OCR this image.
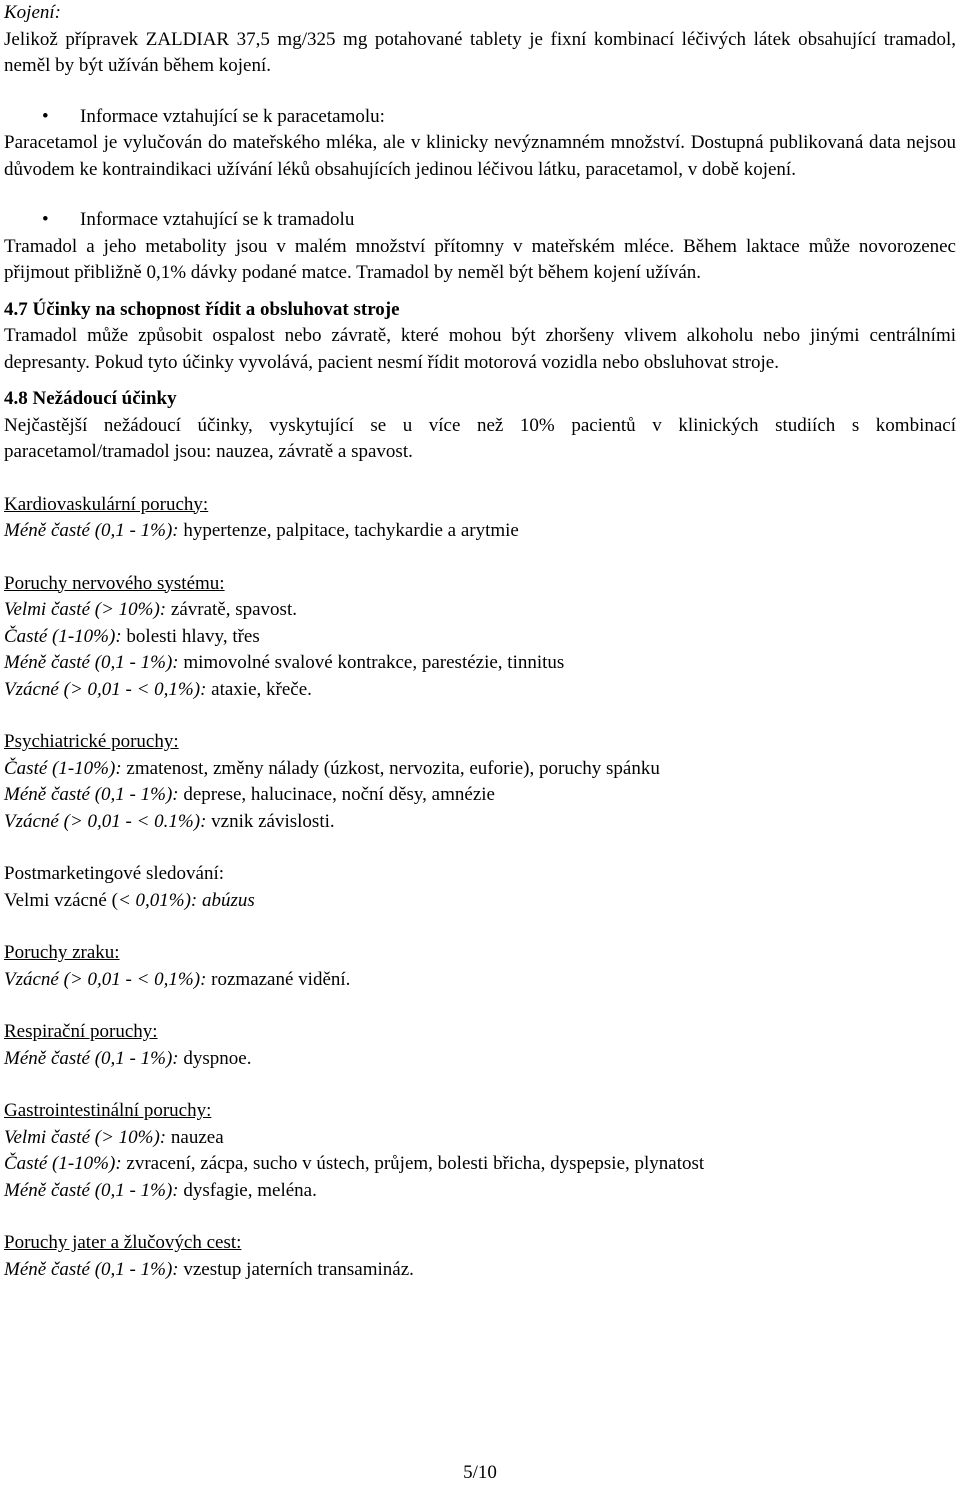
Kojení:

Jelikož přípravek ZALDIAR 37,5 mg/325 mg potahované tablety je fixní kombinací léčivých látek obsahující tramadol, neměl by být užíván během kojení.

• Informace vztahující se k paracetamolu:

Paracetamol je vylučován do mateřského mléka, ale v klinicky nevýznamném množství. Dostupná publikovaná data nejsou důvodem ke kontraindikaci užívání léků obsahujících jedinou léčivou látku, paracetamol, v době kojení.

• Informace vztahující se k tramadolu

Tramadol a jeho metabolity jsou v malém množství přítomny v mateřském mléce. Během laktace může novorozenec přijmout přibližně 0,1% dávky podané matce. Tramadol by neměl být během kojení užíván.

4.7 Účinky na schopnost řídit a obsluhovat stroje

Tramadol může způsobit ospalost nebo závratě, které mohou být zhoršeny vlivem alkoholu nebo jinými centrálními depresanty. Pokud tyto účinky vyvolává, pacient nesmí řídit motorová vozidla nebo obsluhovat stroje.

4.8 Nežádoucí účinky

Nejčastější nežádoucí účinky, vyskytující se u více než 10% pacientů v klinických studiích s kombinací paracetamol/tramadol jsou: nauzea, závratě a spavost.

Kardiovaskulární poruchy:

Méně časté (0,1 - 1%): hypertenze, palpitace, tachykardie a arytmie

Poruchy nervového systému:

Velmi časté (> 10%): závratě, spavost.

Časté (1-10%): bolesti hlavy, třes

Méně časté (0,1 - 1%): mimovolné svalové kontrakce, parestézie, tinnitus

Vzácné (> 0,01 - < 0,1%): ataxie, křeče.

Psychiatrické poruchy:

Časté (1-10%): zmatenost, změny nálady (úzkost, nervozita, euforie), poruchy spánku

Méně časté (0,1 - 1%): deprese, halucinace, noční děsy, amnézie

Vzácné (> 0,01 - < 0.1%): vznik závislosti.

Postmarketingové sledování:

Velmi vzácné (< 0,01%): abúzus

Poruchy zraku:

Vzácné (> 0,01 - < 0,1%): rozmazané vidění.

Respirační poruchy:

Méně časté (0,1 - 1%): dyspnoe.

Gastrointestinální poruchy:

Velmi časté (> 10%): nauzea

Časté (1-10%): zvracení, zácpa, sucho v ústech, průjem, bolesti břicha, dyspepsie, plynatost

Méně časté (0,1 - 1%): dysfagie, meléna.

Poruchy jater a žlučových cest:

Méně časté (0,1 - 1%): vzestup jaterních transamináz.

5/10
